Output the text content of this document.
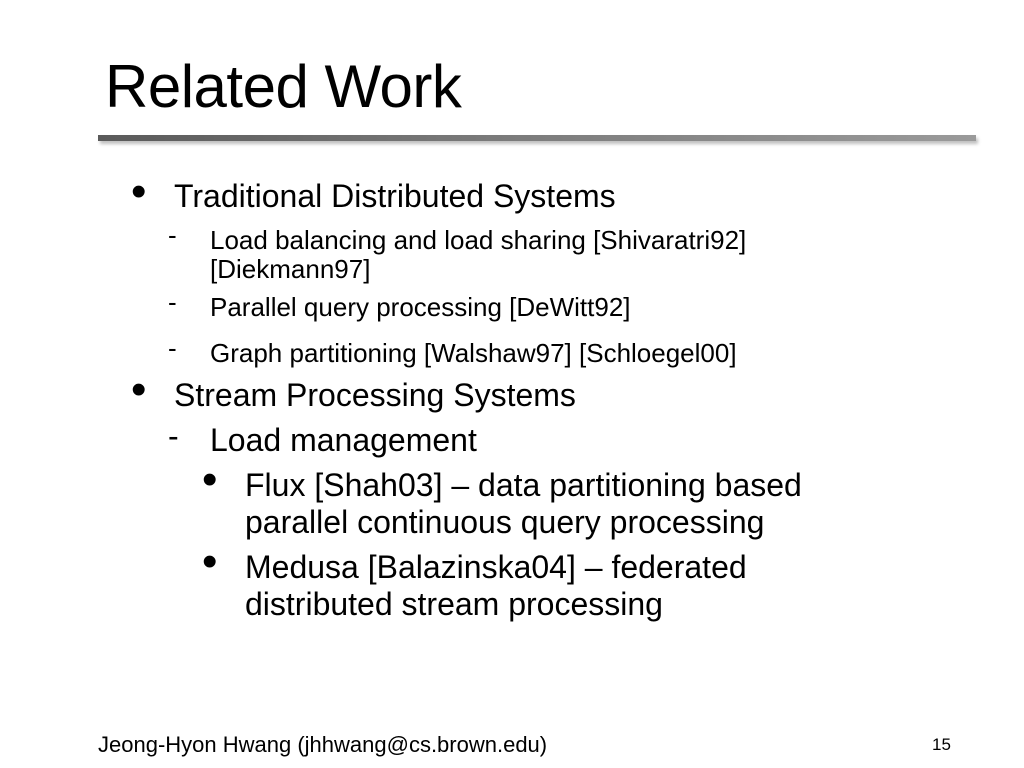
Related Work
• Traditional Distributed Systems
- Load balancing and load sharing [Shivaratri92]
[Diekmann97]
- Parallel query processing [DeWitt92]
- Graph partitioning [Walshaw97] [Schloegel00]
• Stream Processing Systems
- Load management
• Flux [Shah03] – data partitioning based
parallel continuous query processing
• Medusa [Balazinska04] – federated
distributed stream processing
Jeong-Hyon Hwang (jhhwang@cs.brown.edu)	15
